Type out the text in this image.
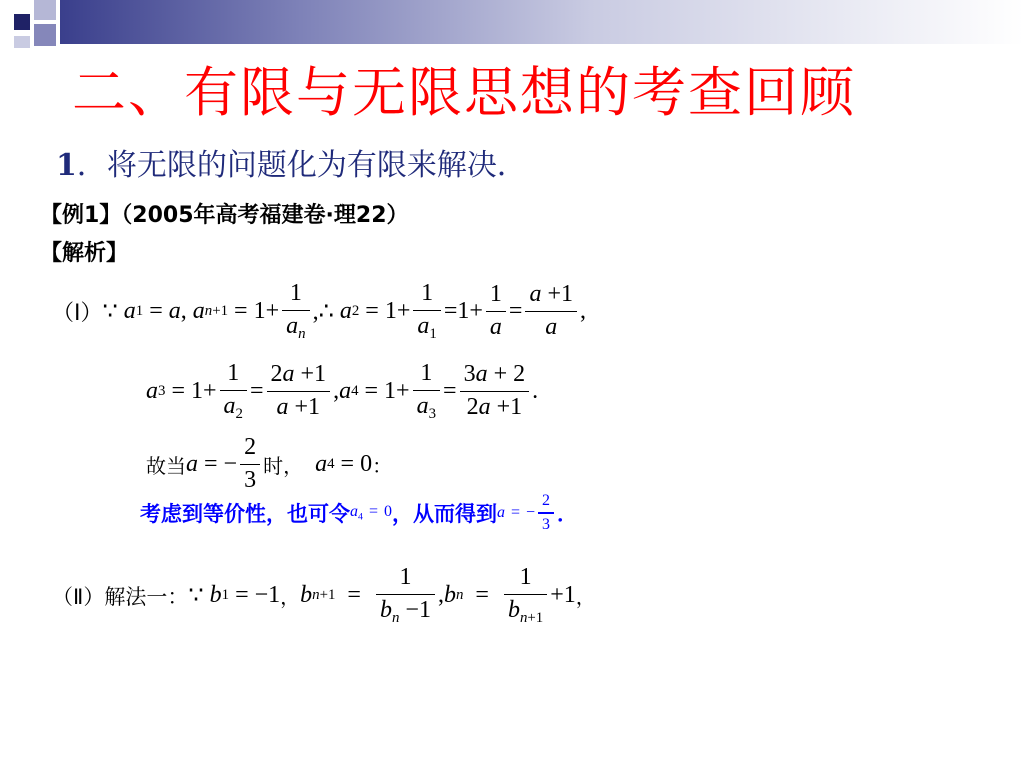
二、有限与无限思想的考查回顾
1．将无限的问题化为有限来解决．
【例1】（2005年高考福建卷·理22）
【解析】
（Ⅰ） ∵ a 1 = a , a $n+1 = 1+ \frac{1}{a_n}$ ,∴ a $2 = 1+ \frac{1}{a_1} =1+ \frac{1}{a} = \frac{a +1}{a}$ ,
a $3 = 1+ \frac{1}{a_2} = \frac{2a +1}{a +1}$ , a $4 = 1+ \frac{1}{a_3} = \frac{3a + 2}{2a +1}$ .
故当 a = − $\frac{2}{3}$ 时， a 4 = 0 ：
考虑到等价性，也可令 $a_4 = 0$ ，从而得到 a = − $\frac{2}{3}$ ．
（Ⅱ）解法一： ∵ b 1 = −1 ， b $n+1 = \frac{1}{b_n -1}$ , b $n = \frac{1}{b_{n+1}} +1$ ，
